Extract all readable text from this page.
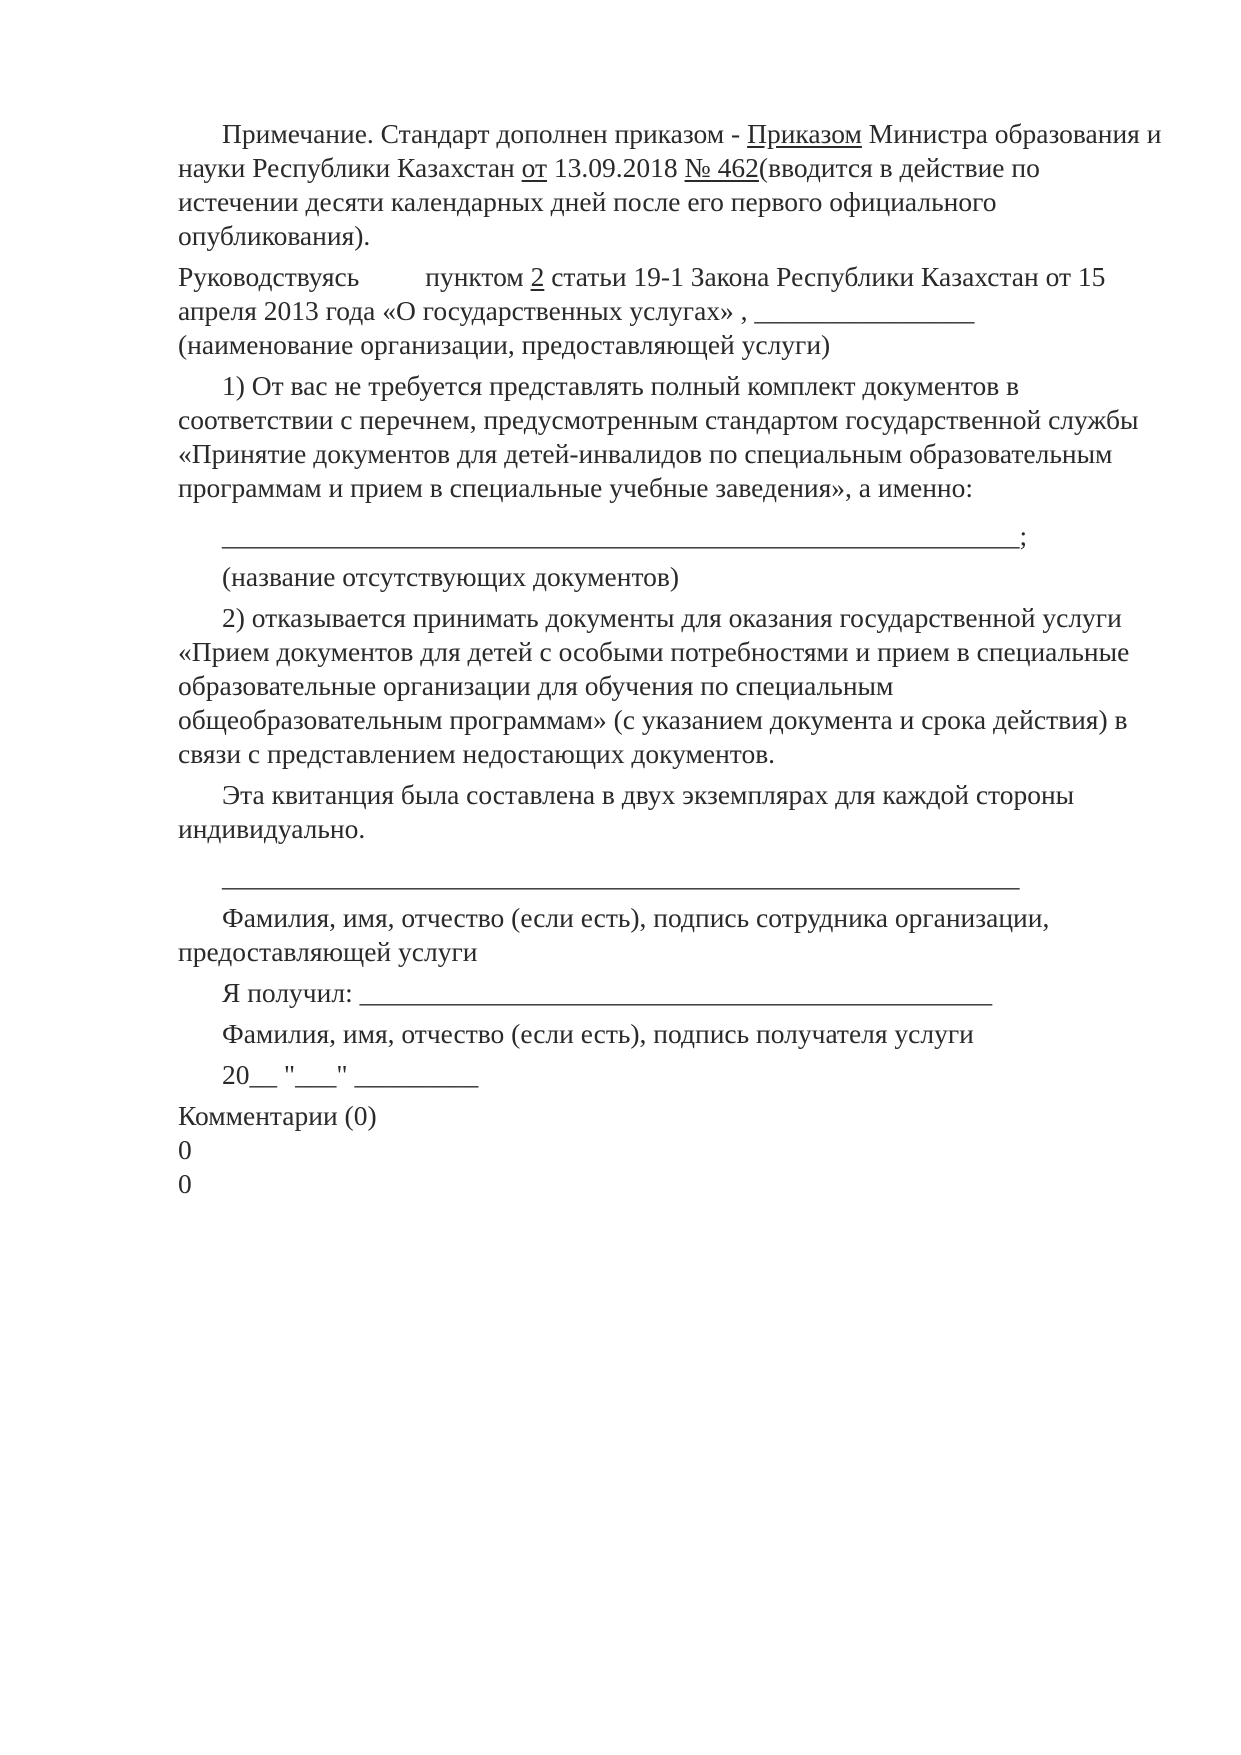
Примечание. Стандарт дополнен приказом - Приказом Министра образования и науки Республики Казахстан от 13.09.2018 № 462(вводится в действие по истечении десяти календарных дней после его первого официального опубликования).

Руководствуясь пунктом 2 статьи 19-1 Закона Республики Казахстан от 15 апреля 2013 года «О государственных услугах» , ________________

(наименование организации, предоставляющей услуги)

1) От вас не требуется представлять полный комплект документов в соответствии с перечнем, предусмотренным стандартом государственной службы «Принятие документов для детей-инвалидов по специальным образовательным программам и прием в специальные учебные заведения», а именно:

__________________________________________________________;

(название отсутствующих документов)

2) отказывается принимать документы для оказания государственной услуги «Прием документов для детей с особыми потребностями и прием в специальные образовательные организации для обучения по специальным общеобразовательным программам» (с указанием документа и срока действия) в связи с представлением недостающих документов.

Эта квитанция была составлена в двух экземплярах для каждой стороны индивидуально.

__________________________________________________________

Фамилия, имя, отчество (если есть), подпись сотрудника организации, предоставляющей услуги

Я получил: ______________________________________________

Фамилия, имя, отчество (если есть), подпись получателя услуги

20__ "___" _________

Комментарии (0)
0
0
